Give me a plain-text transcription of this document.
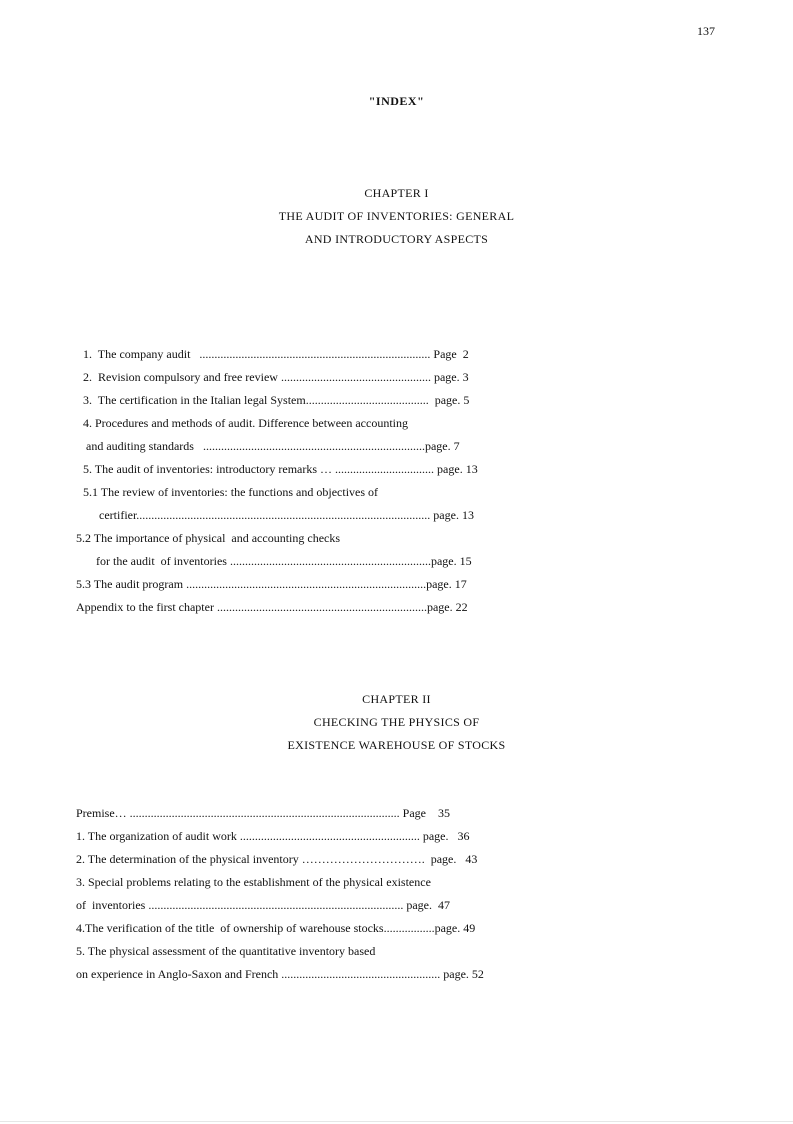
137
"INDEX"
CHAPTER I
THE AUDIT OF INVENTORIES: GENERAL
AND INTRODUCTORY ASPECTS
1.  The company audit   ............................................................................. Page  2
2.  Revision compulsory and free review .................................................. page. 3
3.  The certification in the Italian legal System.........................................  page. 5
4. Procedures and methods of audit. Difference between accounting
and auditing standards   ..........................................................................page. 7
5. The audit of inventories: introductory remarks … ................................. page. 13
5.1 The review of inventories: the functions and objectives of
certifier.................................................................................................. page. 13
5.2 The importance of physical  and accounting checks
for the audit  of inventories ...................................................................page. 15
5.3 The audit program ................................................................................page. 17
Appendix to the first chapter ......................................................................page. 22
CHAPTER II
CHECKING THE PHYSICS OF
EXISTENCE WAREHOUSE OF STOCKS
Premise… .......................................................................................... Page    35
1. The organization of audit work ............................................................ page.   36
2. The determination of the physical inventory ………………………….  page.   43
3. Special problems relating to the establishment of the physical existence
of  inventories ..................................................................................... page.  47
4.The verification of the title  of ownership of warehouse stocks.................page. 49
5. The physical assessment of the quantitative inventory based
on experience in Anglo-Saxon and French ..................................................... page. 52
